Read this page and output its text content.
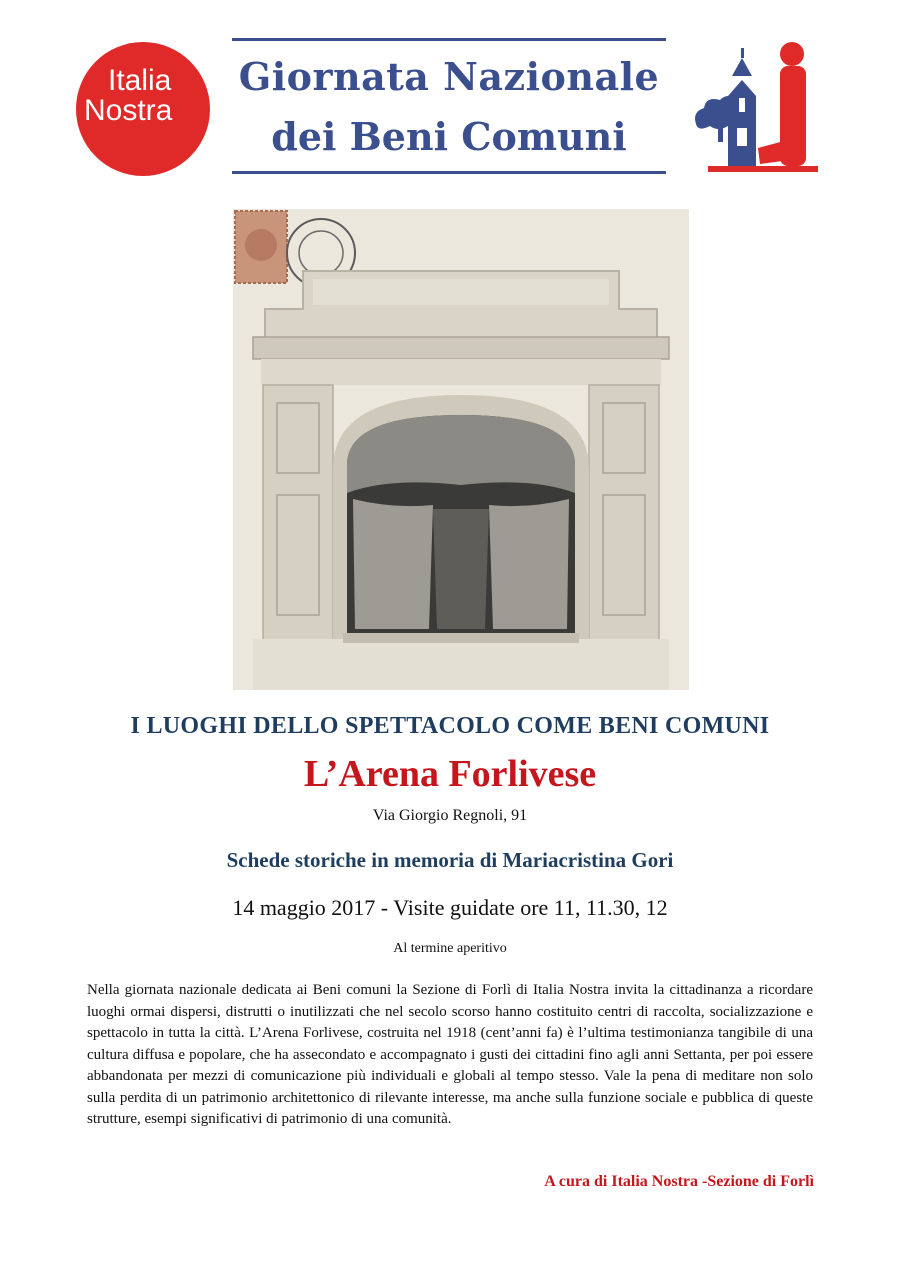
Italia
Nostra
Giornata Nazionale
dei Beni Comuni
I LUOGHI DELLO SPETTACOLO COME BENI COMUNI
L’Arena Forlivese
Via Giorgio Regnoli, 91
Schede storiche in memoria di Mariacristina Gori
14 maggio 2017 - Visite guidate ore 11, 11.30, 12
Al termine aperitivo
Nella giornata nazionale dedicata ai Beni comuni la Sezione di Forlì di Italia Nostra invita la cittadinanza a ricordare luoghi ormai dispersi, distrutti o inutilizzati che nel secolo scorso hanno costituito centri di raccolta, socializzazione e spettacolo in tutta la città. L’Arena Forlivese, costruita nel 1918 (cent’anni fa) è l’ultima testimonianza tangibile di una cultura diffusa e popolare, che ha assecondato e accompagnato i gusti dei cittadini fino agli anni Settanta, per poi essere abbandonata per mezzi di comunicazione più individuali e globali al tempo stesso. Vale la pena di meditare non solo sulla perdita di un patrimonio architettonico di rilevante interesse, ma anche sulla funzione sociale e pubblica di queste strutture, esempi significativi di patrimonio di una comunità.
A cura di Italia Nostra -Sezione di Forlì
